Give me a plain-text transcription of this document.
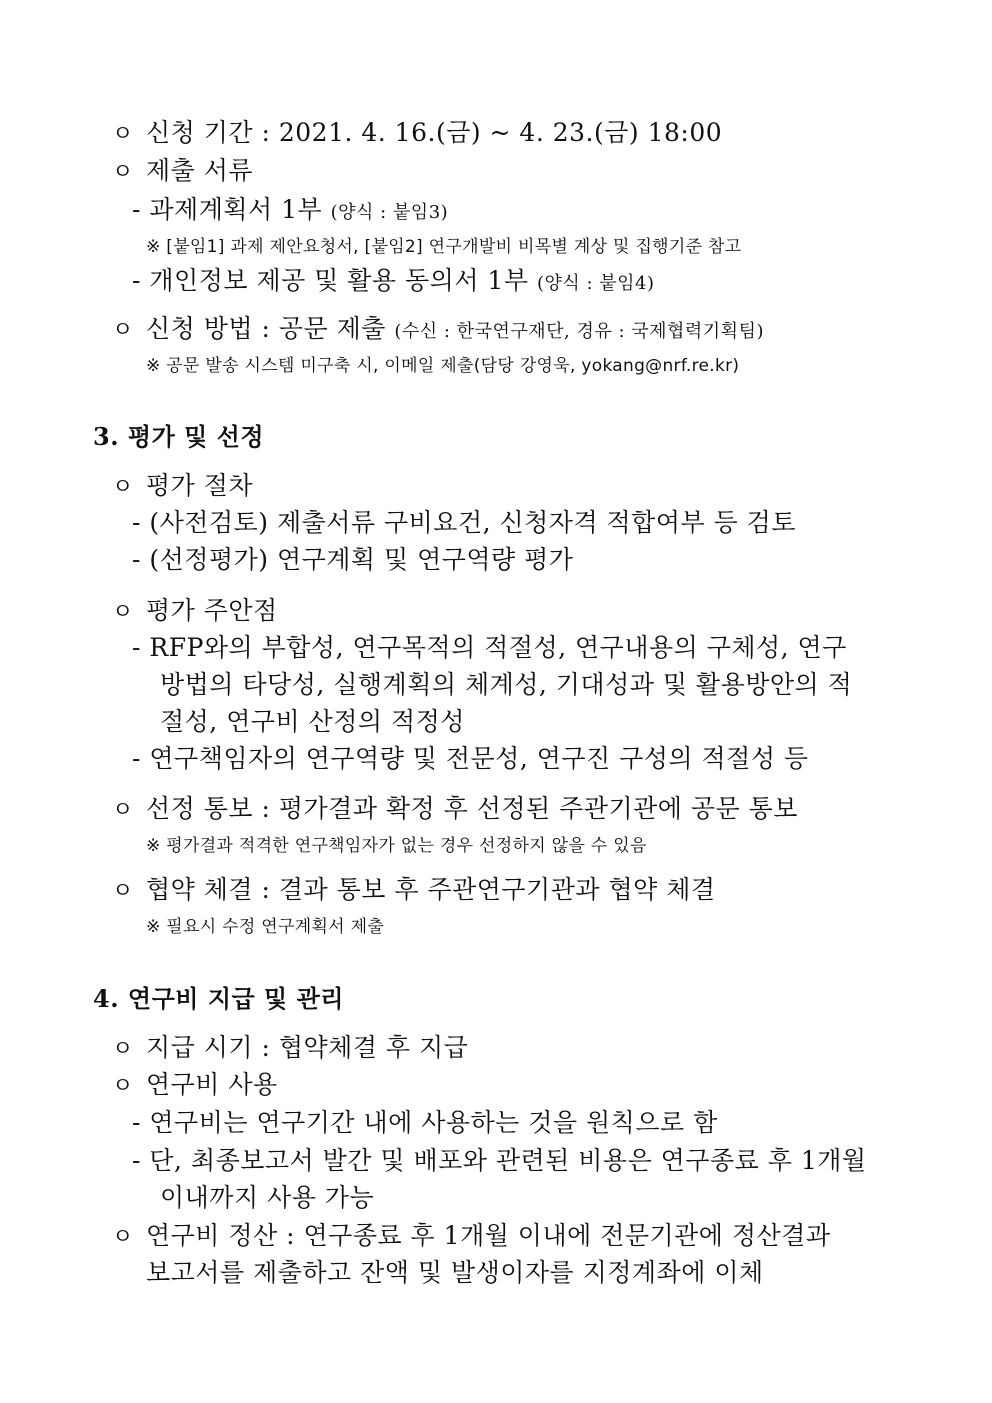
ㅇ 신청 기간 : 2021. 4. 16.(금) ~ 4. 23.(금) 18:00
ㅇ 제출 서류
- 과제계획서 1부 (양식 : 붙임3)
※ [붙임1] 과제 제안요청서, [붙임2] 연구개발비 비목별 계상 및 집행기준 참고
- 개인정보 제공 및 활용 동의서 1부 (양식 : 붙임4)
ㅇ 신청 방법 : 공문 제출 (수신 : 한국연구재단, 경유 : 국제협력기획팀)
※ 공문 발송 시스템 미구축 시, 이메일 제출(담당 강영욱, yokang@nrf.re.kr)
3. 평가 및 선정
ㅇ 평가 절차
- (사전검토) 제출서류 구비요건, 신청자격 적합여부 등 검토
- (선정평가) 연구계획 및 연구역량 평가
ㅇ 평가 주안점
- RFP와의 부합성, 연구목적의 적절성, 연구내용의 구체성, 연구
방법의 타당성, 실행계획의 체계성, 기대성과 및 활용방안의 적
절성, 연구비 산정의 적정성
- 연구책임자의 연구역량 및 전문성, 연구진 구성의 적절성 등
ㅇ 선정 통보 : 평가결과 확정 후 선정된 주관기관에 공문 통보
※ 평가결과 적격한 연구책임자가 없는 경우 선정하지 않을 수 있음
ㅇ 협약 체결 : 결과 통보 후 주관연구기관과 협약 체결
※ 필요시 수정 연구계획서 제출
4. 연구비 지급 및 관리
ㅇ 지급 시기 : 협약체결 후 지급
ㅇ 연구비 사용
- 연구비는 연구기간 내에 사용하는 것을 원칙으로 함
- 단, 최종보고서 발간 및 배포와 관련된 비용은 연구종료 후 1개월
이내까지 사용 가능
ㅇ 연구비 정산 : 연구종료 후 1개월 이내에 전문기관에 정산결과
보고서를 제출하고 잔액 및 발생이자를 지정계좌에 이체
